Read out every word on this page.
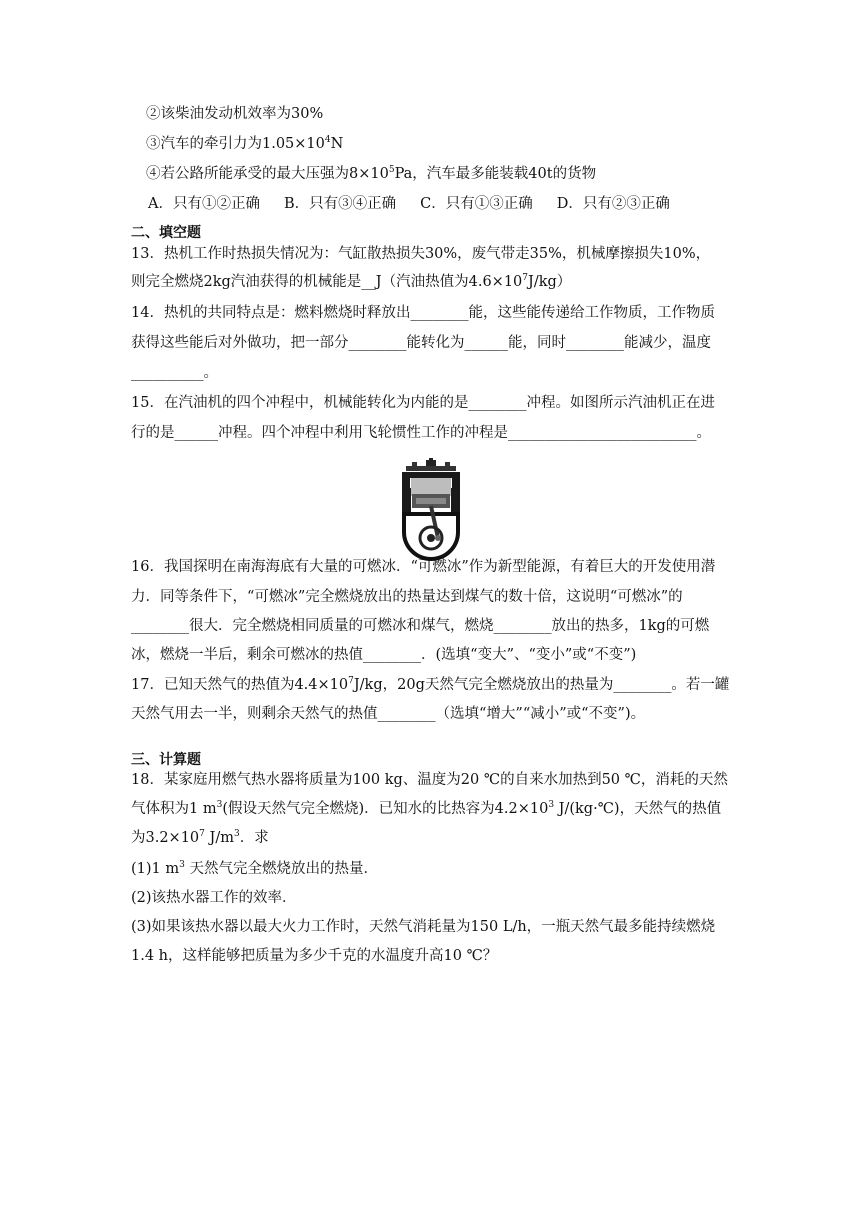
②该柴油发动机效率为30%
③汽车的牵引力为$1.05\times 10^4N$
④若公路所能承受的最大压强为$8\times 10^5Pa$，汽车最多能装载40t的货物
A．只有①②正确 B．只有③④正确 C．只有①③正确 D．只有②③正确
二、填空题
13．热机工作时热损失情况为：气缸散热损失30%，废气带走35%，机械摩擦损失10%，
则完全燃烧2kg汽油获得的机械能是__J（汽油热值为$4.6\times 10^7J/kg$）
14．热机的共同特点是：燃料燃烧时释放出________能，这些能传递给工作物质，工作物质
获得这些能后对外做功，把一部分________能转化为______能，同时________能减少，温度
__________。
15．在汽油机的四个冲程中，机械能转化为内能的是________冲程。如图所示汽油机正在进
行的是______冲程。四个冲程中利用飞轮惯性工作的冲程是__________________________。
16．我国探明在南海海底有大量的可燃冰．“可燃冰”作为新型能源，有着巨大的开发使用潜
力．同等条件下，“可燃冰”完全燃烧放出的热量达到煤气的数十倍，这说明“可燃冰”的
________很大．完全燃烧相同质量的可燃冰和煤气，燃烧________放出的热多，1kg的可燃
冰，燃烧一半后，剩余可燃冰的热值________．(选填“变大”、“变小”或“不变”)
17．已知天然气的热值为$4.4\times 10^7J/kg$，20g天然气完全燃烧放出的热量为________。若一罐
天然气用去一半，则剩余天然气的热值________（选填“增大”“减小”或“不变”)。
三、计算题
18．某家庭用燃气热水器将质量为100 kg、温度为20 ℃的自来水加热到50 ℃，消耗的天然
气体积为1 $m^3$(假设天然气完全燃烧)．已知水的比热容为$4.2\times 10^3$ J/(kg·℃)，天然气的热值
为$3.2\times 10^7$ $J/m^3$．求
(1)1 $m^3$ 天然气完全燃烧放出的热量．
(2)该热水器工作的效率．
(3)如果该热水器以最大火力工作时，天然气消耗量为150 L/h，一瓶天然气最多能持续燃烧
1.4 h，这样能够把质量为多少千克的水温度升高10 ℃？
